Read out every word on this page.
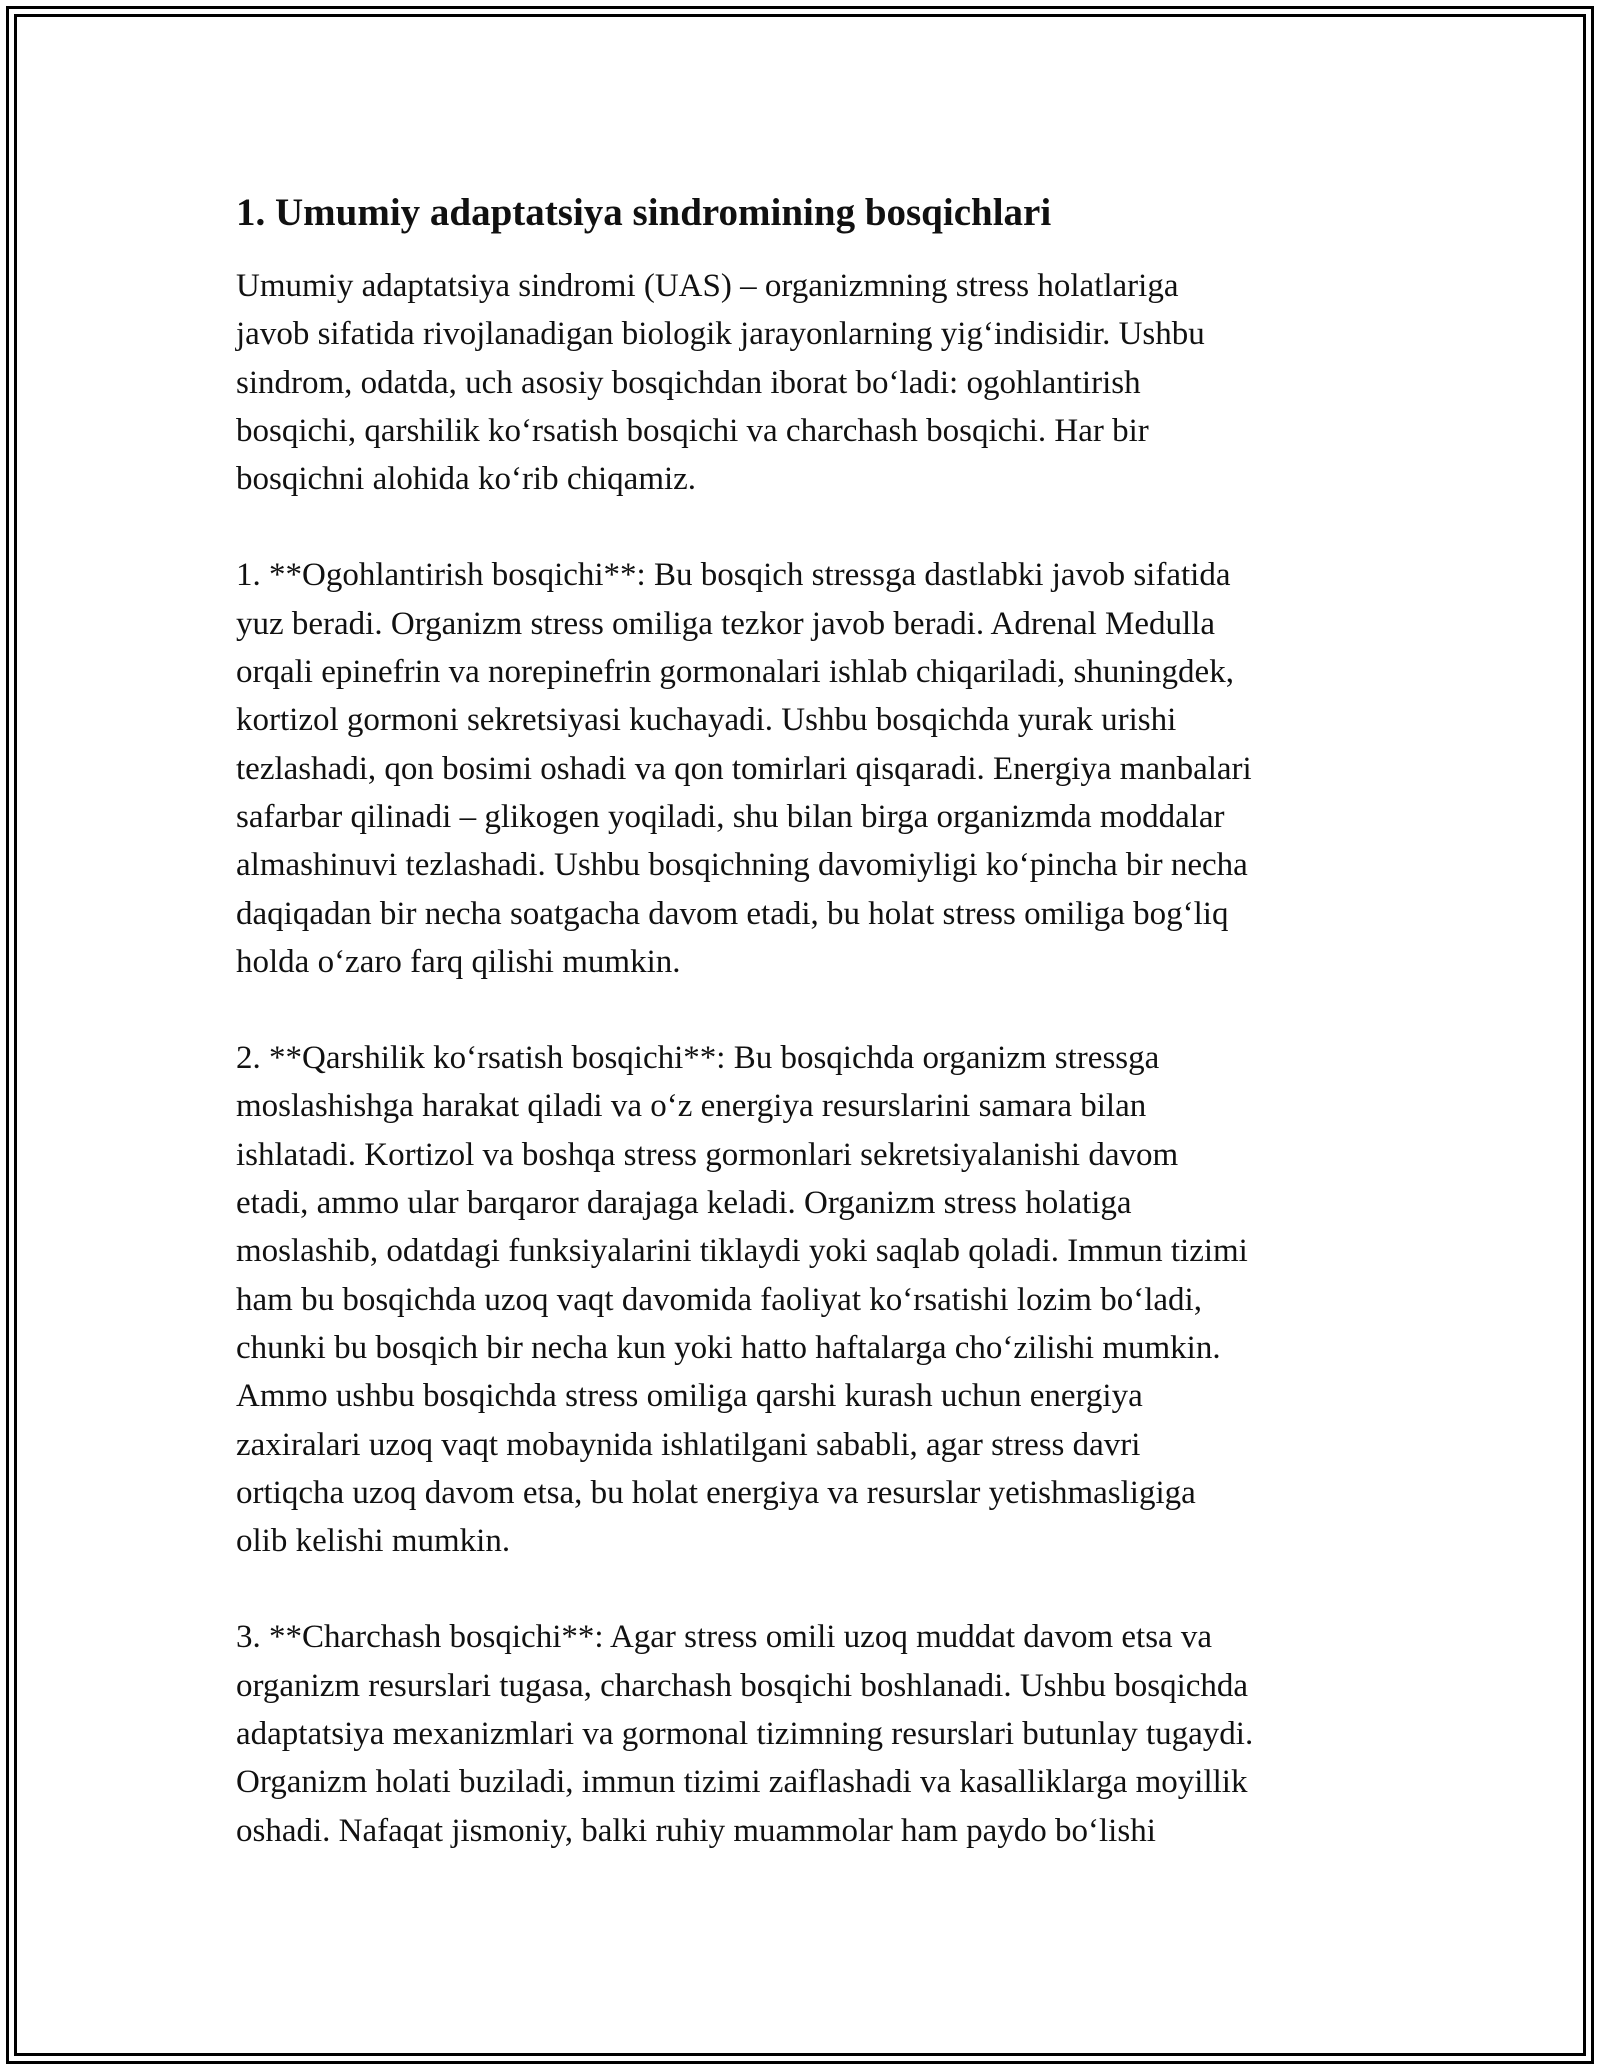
1. Umumiy adaptatsiya sindromining bosqichlari
Umumiy adaptatsiya sindromi (UAS) – organizmning stress holatlariga
javob sifatida rivojlanadigan biologik jarayonlarning yig‘indisidir. Ushbu
sindrom, odatda, uch asosiy bosqichdan iborat bo‘ladi: ogohlantirish
bosqichi, qarshilik ko‘rsatish bosqichi va charchash bosqichi. Har bir
bosqichni alohida ko‘rib chiqamiz.
1. **Ogohlantirish bosqichi**: Bu bosqich stressga dastlabki javob sifatida
yuz beradi. Organizm stress omiliga tezkor javob beradi. Adrenal Medulla
orqali epinefrin va norepinefrin gormonalari ishlab chiqariladi, shuningdek,
kortizol gormoni sekretsiyasi kuchayadi. Ushbu bosqichda yurak urishi
tezlashadi, qon bosimi oshadi va qon tomirlari qisqaradi. Energiya manbalari
safarbar qilinadi – glikogen yoqiladi, shu bilan birga organizmda moddalar
almashinuvi tezlashadi. Ushbu bosqichning davomiyligi ko‘pincha bir necha
daqiqadan bir necha soatgacha davom etadi, bu holat stress omiliga bog‘liq
holda o‘zaro farq qilishi mumkin.
2. **Qarshilik ko‘rsatish bosqichi**: Bu bosqichda organizm stressga
moslashishga harakat qiladi va o‘z energiya resurslarini samara bilan
ishlatadi. Kortizol va boshqa stress gormonlari sekretsiyalanishi davom
etadi, ammo ular barqaror darajaga keladi. Organizm stress holatiga
moslashib, odatdagi funksiyalarini tiklaydi yoki saqlab qoladi. Immun tizimi
ham bu bosqichda uzoq vaqt davomida faoliyat ko‘rsatishi lozim bo‘ladi,
chunki bu bosqich bir necha kun yoki hatto haftalarga cho‘zilishi mumkin.
Ammo ushbu bosqichda stress omiliga qarshi kurash uchun energiya
zaxiralari uzoq vaqt mobaynida ishlatilgani sababli, agar stress davri
ortiqcha uzoq davom etsa, bu holat energiya va resurslar yetishmasligiga
olib kelishi mumkin.
3. **Charchash bosqichi**: Agar stress omili uzoq muddat davom etsa va
organizm resurslari tugasa, charchash bosqichi boshlanadi. Ushbu bosqichda
adaptatsiya mexanizmlari va gormonal tizimning resurslari butunlay tugaydi.
Organizm holati buziladi, immun tizimi zaiflashadi va kasalliklarga moyillik
oshadi. Nafaqat jismoniy, balki ruhiy muammolar ham paydo bo‘lishi
